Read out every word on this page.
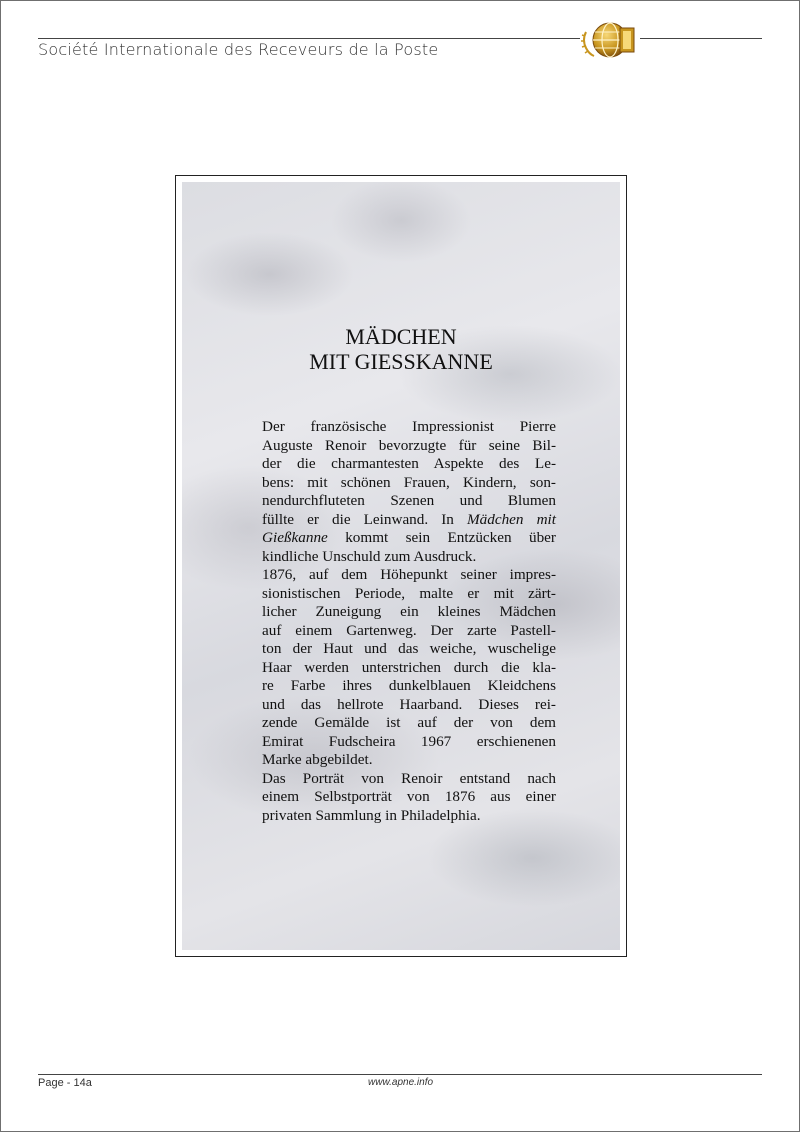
Société Internationale des Receveurs de la Poste
MÄDCHEN
MIT GIESSKANNE
Der französische Impressionist Pierre
Auguste Renoir bevorzugte für seine Bil-
der die charmantesten Aspekte des Le-
bens: mit schönen Frauen, Kindern, son-
nendurchfluteten Szenen und Blumen
füllte er die Leinwand. In Mädchen mit
Gießkanne kommt sein Entzücken über
kindliche Unschuld zum Ausdruck.
1876, auf dem Höhepunkt seiner impres-
sionistischen Periode, malte er mit zärt-
licher Zuneigung ein kleines Mädchen
auf einem Gartenweg. Der zarte Pastell-
ton der Haut und das weiche, wuschelige
Haar werden unterstrichen durch die kla-
re Farbe ihres dunkelblauen Kleidchens
und das hellrote Haarband. Dieses rei-
zende Gemälde ist auf der von dem
Emirat Fudscheira 1967 erschienenen
Marke abgebildet.
Das Porträt von Renoir entstand nach
einem Selbstporträt von 1876 aus einer
privaten Sammlung in Philadelphia.
Page - 14a	www.apne.info
